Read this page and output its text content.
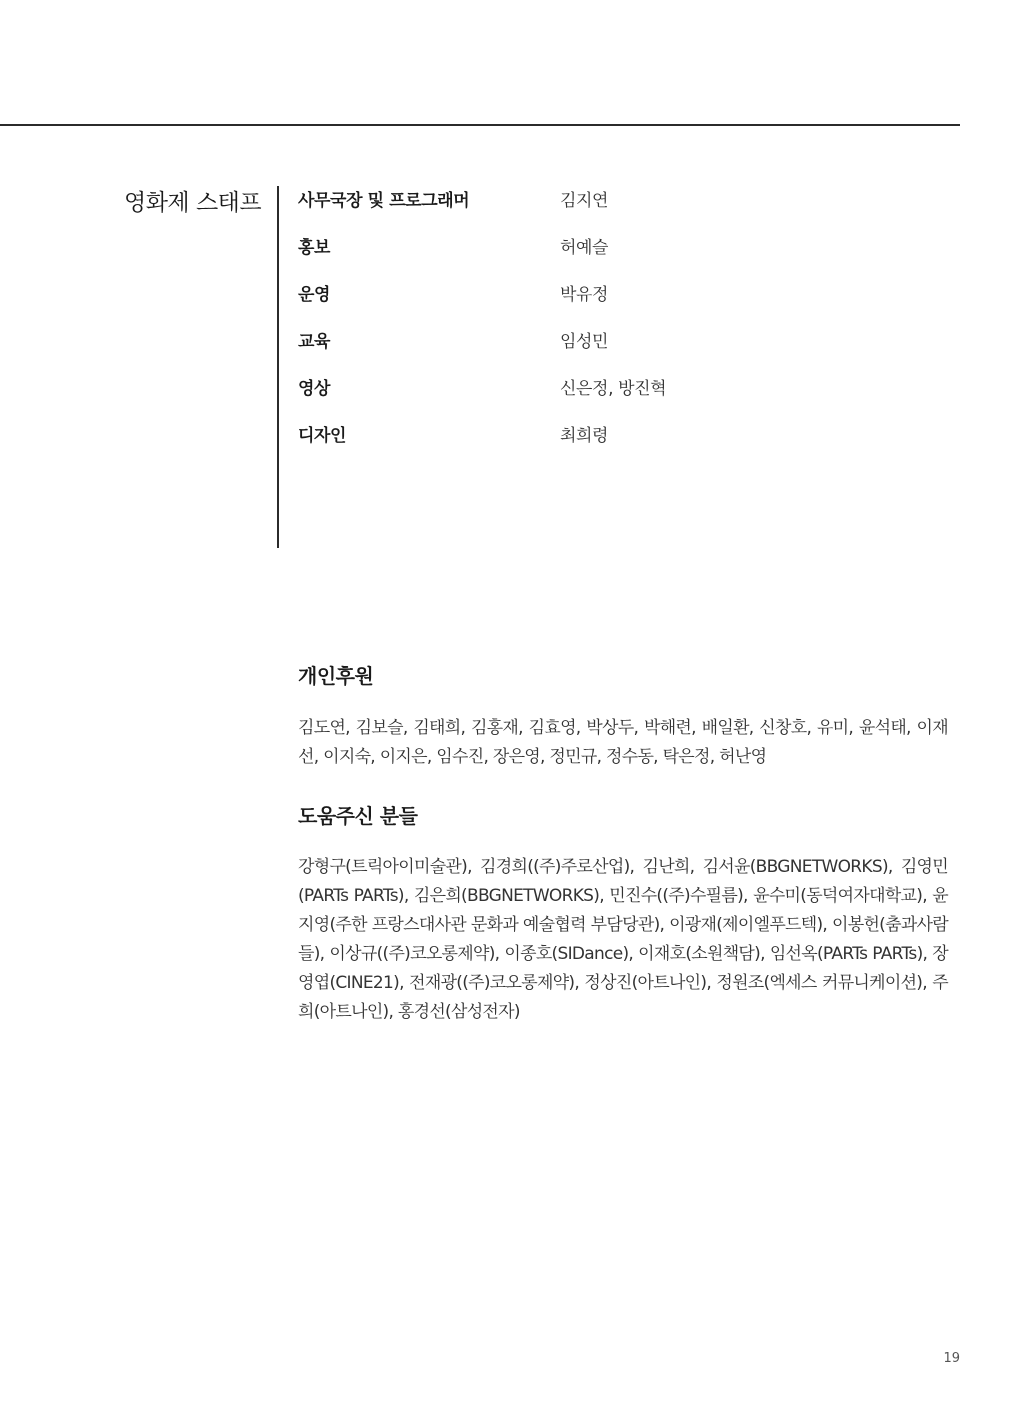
영화제 스태프 사무국장 및 프로그래머	김지연
홍보	허예슬
운영	박유정
교육	임성민
영상	신은정, 방진혁
디자인	최희령
개인후원

김도연, 김보슬, 김태희, 김홍재, 김효영, 박상두, 박해련, 배일환, 신창호, 유미, 윤석태, 이재선, 이지숙, 이지은, 임수진, 장은영, 정민규, 정수동, 탁은정, 허난영

도움주신 분들

강형구(트릭아이미술관), 김경희((주)주로산업), 김난희, 김서윤(BBGNETWORKS), 김영민(PARTs PARTs), 김은희(BBGNETWORKS), 민진수((주)수필름), 윤수미(동덕여자대학교), 윤지영(주한 프랑스대사관 문화과 예술협력 부담당관), 이광재(제이엘푸드텍), 이봉헌(춤과사람들), 이상규((주)코오롱제약), 이종호(SIDance), 이재호(소원책담), 임선옥(PARTs PARTs), 장영엽(CINE21), 전재광((주)코오롱제약), 정상진(아트나인), 정원조(엑세스 커뮤니케이션), 주희(아트나인), 홍경선(삼성전자)

19
